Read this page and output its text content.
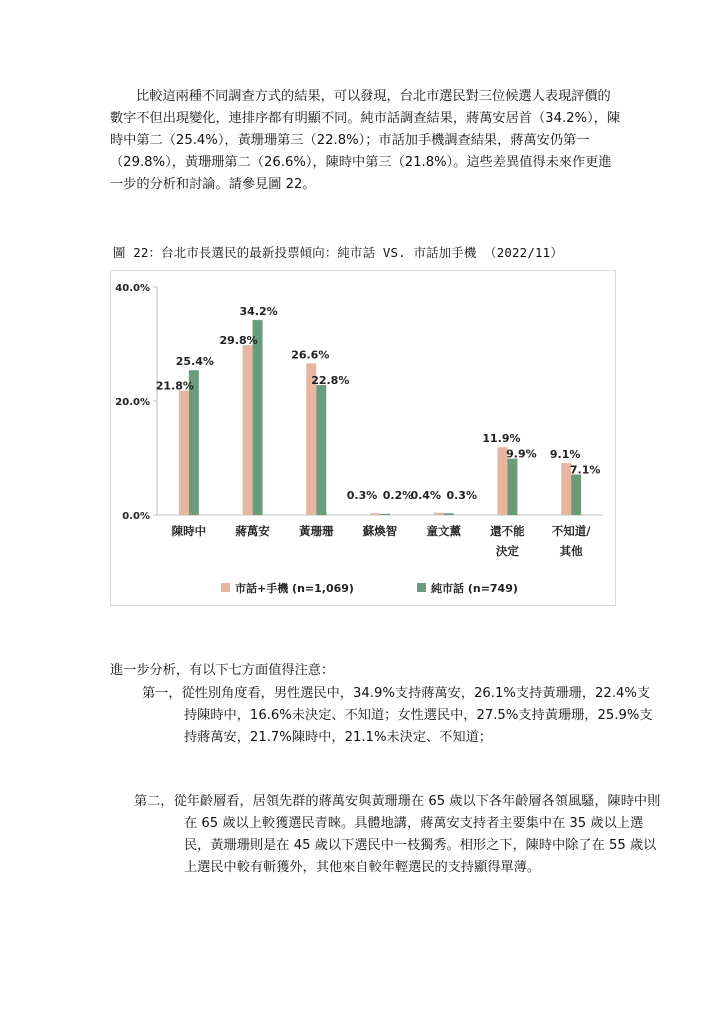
比較這兩種不同調查方式的結果，可以發現，台北市選民對三位候選人表現評價的數字不但出現變化，連排序都有明顯不同。純市話調查結果，蔣萬安居首（34.2%），陳時中第二（25.4%），黃珊珊第三（22.8%）；市話加手機調查結果，蔣萬安仍第一（29.8%），黃珊珊第二（26.6%），陳時中第三（21.8%）。這些差異值得未來作更進一步的分析和討論。請參見圖 22。

圖 22：台北市長選民的最新投票傾向：純市話 VS. 市話加手機 （2022/11）
0.0%
20.0%
40.0%
21.8%
29.8%
26.6%
0.3%	0.4%
11.9%
9.1%
25.4%
34.2%
22.8%
0.2%	0.3%
9.9%
7.1%
陳時中	蔣萬安	黃珊珊	蘇煥智	童文薰	還不能
決定
不知道/
其他
市話+手機 (n=1,069)	純市話 (n=749)
進一步分析，有以下七方面值得注意：
第一，從性別角度看，男性選民中，34.9%支持蔣萬安，26.1%支持黃珊珊，22.4%支持陳時中，16.6%未決定、不知道；女性選民中，27.5%支持黃珊珊，25.9%支持蔣萬安，21.7%陳時中，21.1%未決定、不知道；
第二，從年齡層看，居領先群的蔣萬安與黃珊珊在 65 歲以下各年齡層各領風騷，陳時中則在 65 歲以上較獲選民青睞。具體地講，蔣萬安支持者主要集中在 35 歲以上選民，黃珊珊則是在 45 歲以下選民中一枝獨秀。相形之下，陳時中除了在 55 歲以上選民中較有斬獲外，其他來自較年輕選民的支持顯得單薄。
